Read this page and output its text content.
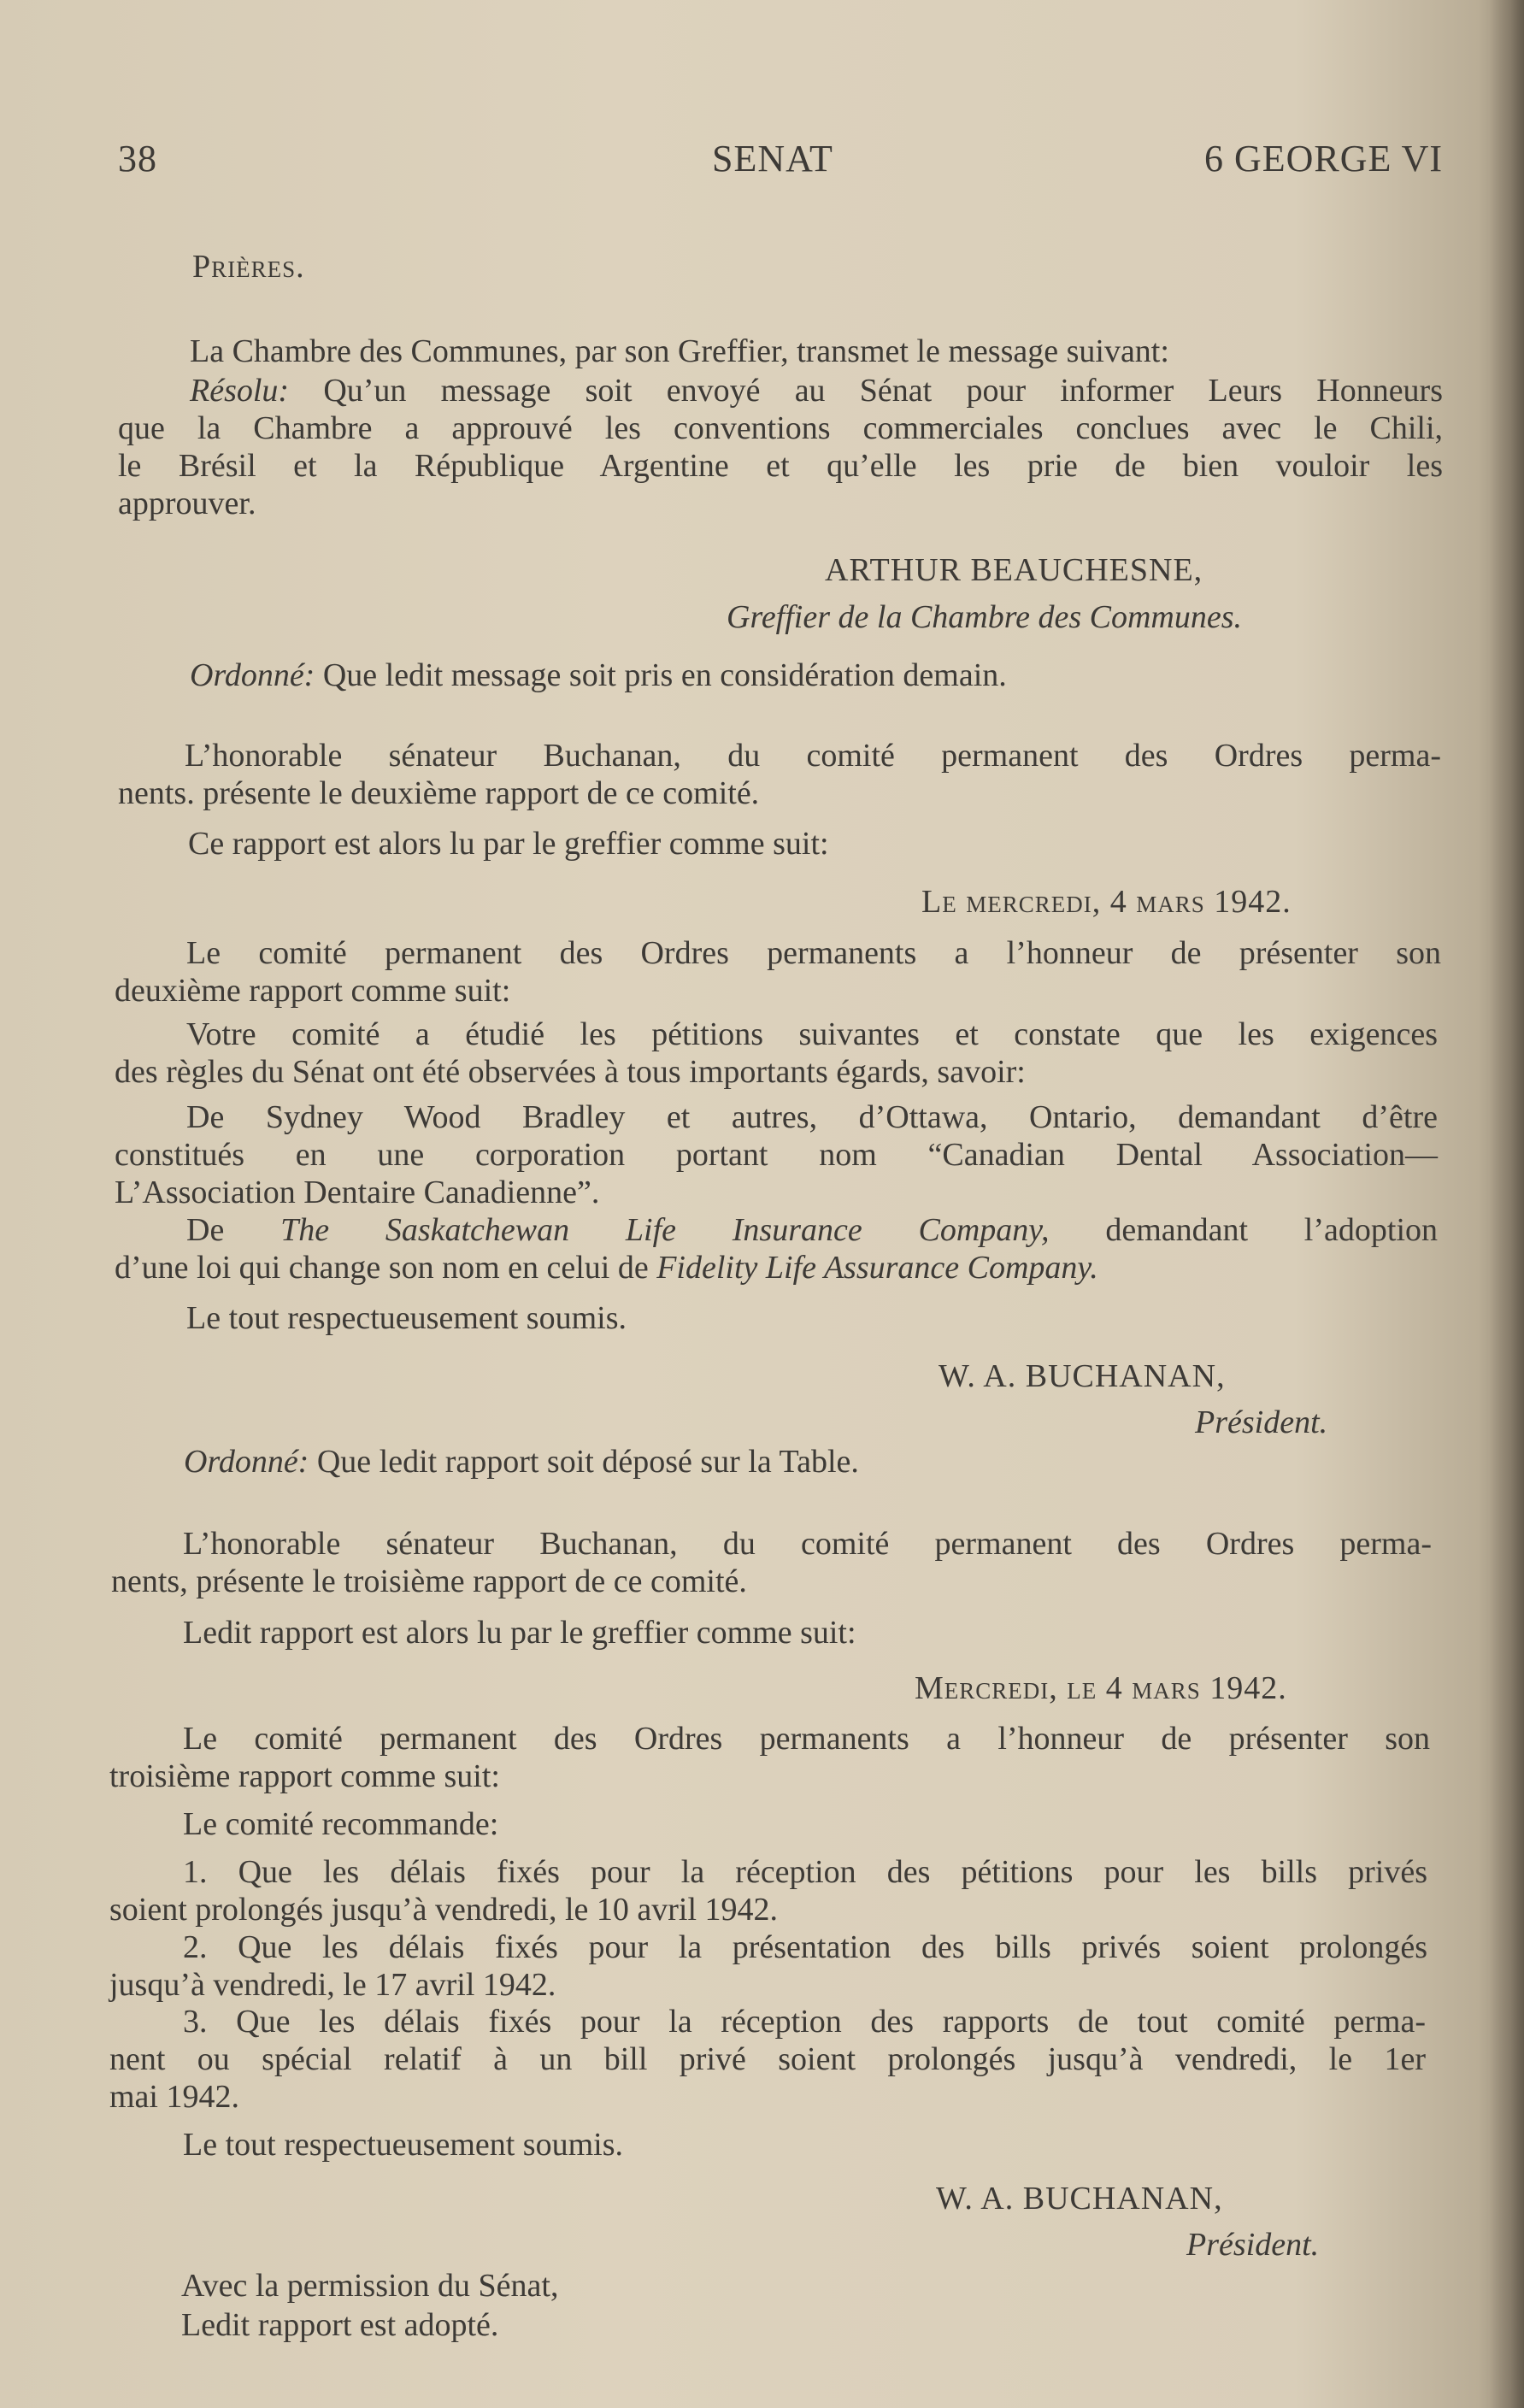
38	SENAT	6 GEORGE VI
Prières.
La Chambre des Communes, par son Greffier, transmet le message suivant:
Résolu: Qu’un message soit envoyé au Sénat pour informer Leurs Honneurs
que la Chambre a approuvé les conventions commerciales conclues avec le Chili,
le Brésil et la République Argentine et qu’elle les prie de bien vouloir les
approuver.
ARTHUR BEAUCHESNE,
Greffier de la Chambre des Communes.
Ordonné: Que ledit message soit pris en considération demain.
L’honorable sénateur Buchanan, du comité permanent des Ordres perma-
nents. présente le deuxième rapport de ce comité.
Ce rapport est alors lu par le greffier comme suit:
Le mercredi, 4 mars 1942.
Le comité permanent des Ordres permanents a l’honneur de présenter son
deuxième rapport comme suit:
Votre comité a étudié les pétitions suivantes et constate que les exigences
des règles du Sénat ont été observées à tous importants égards, savoir:
De Sydney Wood Bradley et autres, d’Ottawa, Ontario, demandant d’être
constitués en une corporation portant nom “Canadian Dental Association—
L’Association Dentaire Canadienne”.
De The Saskatchewan Life Insurance Company, demandant l’adoption
d’une loi qui change son nom en celui de Fidelity Life Assurance Company.
Le tout respectueusement soumis.
W. A. BUCHANAN,
Président.
Ordonné: Que ledit rapport soit déposé sur la Table.
L’honorable sénateur Buchanan, du comité permanent des Ordres perma-
nents, présente le troisième rapport de ce comité.
Ledit rapport est alors lu par le greffier comme suit:
Mercredi, le 4 mars 1942.
Le comité permanent des Ordres permanents a l’honneur de présenter son
troisième rapport comme suit:
Le comité recommande:
1. Que les délais fixés pour la réception des pétitions pour les bills privés
soient prolongés jusqu’à vendredi, le 10 avril 1942.
2. Que les délais fixés pour la présentation des bills privés soient prolongés
jusqu’à vendredi, le 17 avril 1942.
3. Que les délais fixés pour la réception des rapports de tout comité perma-
nent ou spécial relatif à un bill privé soient prolongés jusqu’à vendredi, le 1er
mai 1942.
Le tout respectueusement soumis.
W. A. BUCHANAN,
Président.
Avec la permission du Sénat,
Ledit rapport est adopté.
